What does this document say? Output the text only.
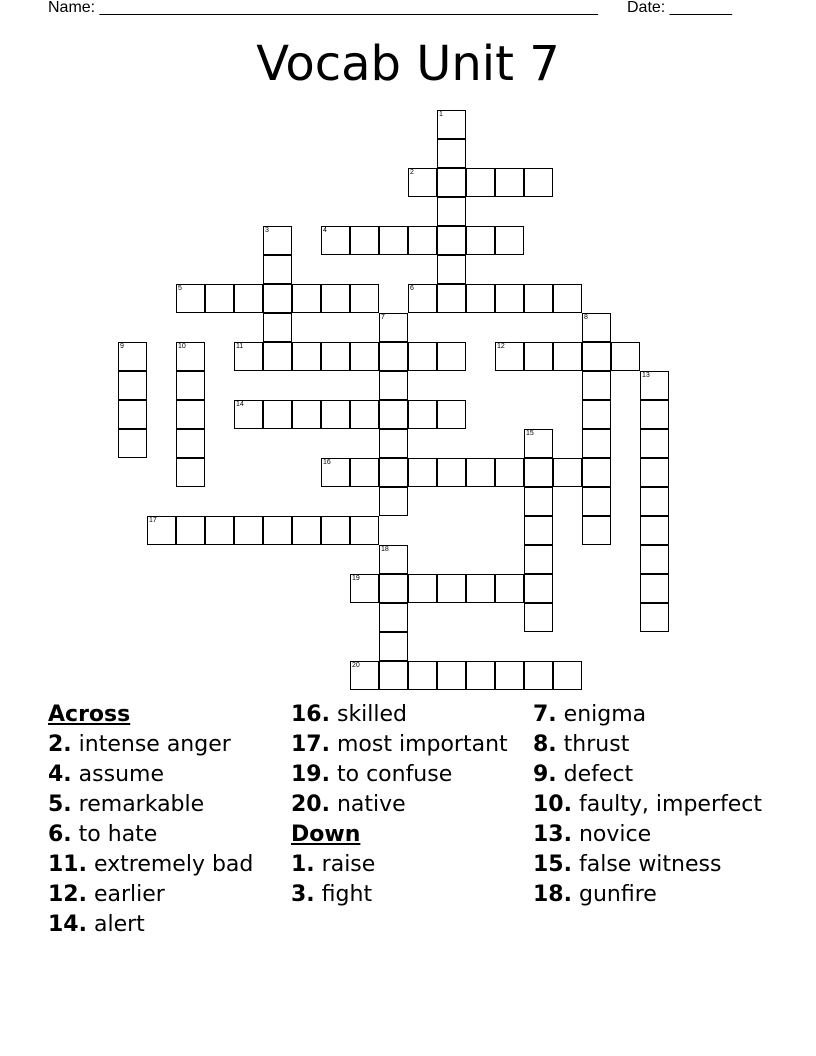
Name: ________________________________________________________ Date: _______
Vocab Unit 7
1
2
3	4
5	6
7	8
9	10	11	12
13
14
15
16
17
18
19
20
Across
2. intense anger
4. assume
5. remarkable
6. to hate
11. extremely bad
12. earlier
14. alert
16. skilled
17. most important
19. to confuse
20. native
Down
1. raise
3. fight
7. enigma
8. thrust
9. defect
10. faulty, imperfect
13. novice
15. false witness
18. gunfire
